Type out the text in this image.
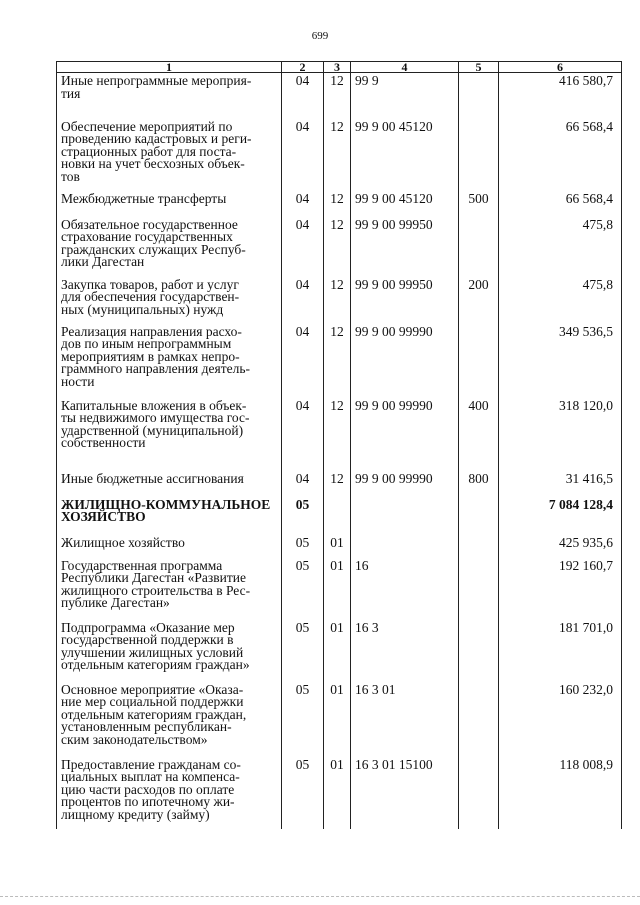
699
1	2	3	4	5	6
Иные непрограммные мероприя-
тия	04	12	99 9		416 580,7
Обеспечение мероприятий по
проведению кадастровых и реги-
страционных работ для поста-
новки на учет бесхозных объек-
тов	04	12	99 9 00 45120		66 568,4
Межбюджетные трансферты	04	12	99 9 00 45120	500	66 568,4
Обязательное государственное
страхование государственных
гражданских служащих Респуб-
лики Дагестан	04	12	99 9 00 99950		475,8
Закупка товаров, работ и услуг
для обеспечения государствен-
ных (муниципальных) нужд	04	12	99 9 00 99950	200	475,8
Реализация направления расхо-
дов по иным непрограммным
мероприятиям в рамках непро-
граммного направления деятель-
ности	04	12	99 9 00 99990		349 536,5
Капитальные вложения в объек-
ты недвижимого имущества гос-
ударственной (муниципальной)
собственности	04	12	99 9 00 99990	400	318 120,0
Иные бюджетные ассигнования	04	12	99 9 00 99990	800	31 416,5
ЖИЛИЩНО-КОММУНАЛЬНОЕ
ХОЗЯЙСТВО	05				7 084 128,4
Жилищное хозяйство	05	01			425 935,6
Государственная программа
Республики Дагестан «Развитие
жилищного строительства в Рес-
публике Дагестан»	05	01	16		192 160,7
Подпрограмма «Оказание мер
государственной поддержки в
улучшении жилищных условий
отдельным категориям граждан»	05	01	16 3		181 701,0
Основное мероприятие «Оказа-
ние мер социальной поддержки
отдельным категориям граждан,
установленным республикан-
ским законодательством»	05	01	16 3 01		160 232,0
Предоставление гражданам со-
циальных выплат на компенса-
цию части расходов по оплате
процентов по ипотечному жи-
лищному кредиту (займу)	05	01	16 3 01 15100		118 008,9
